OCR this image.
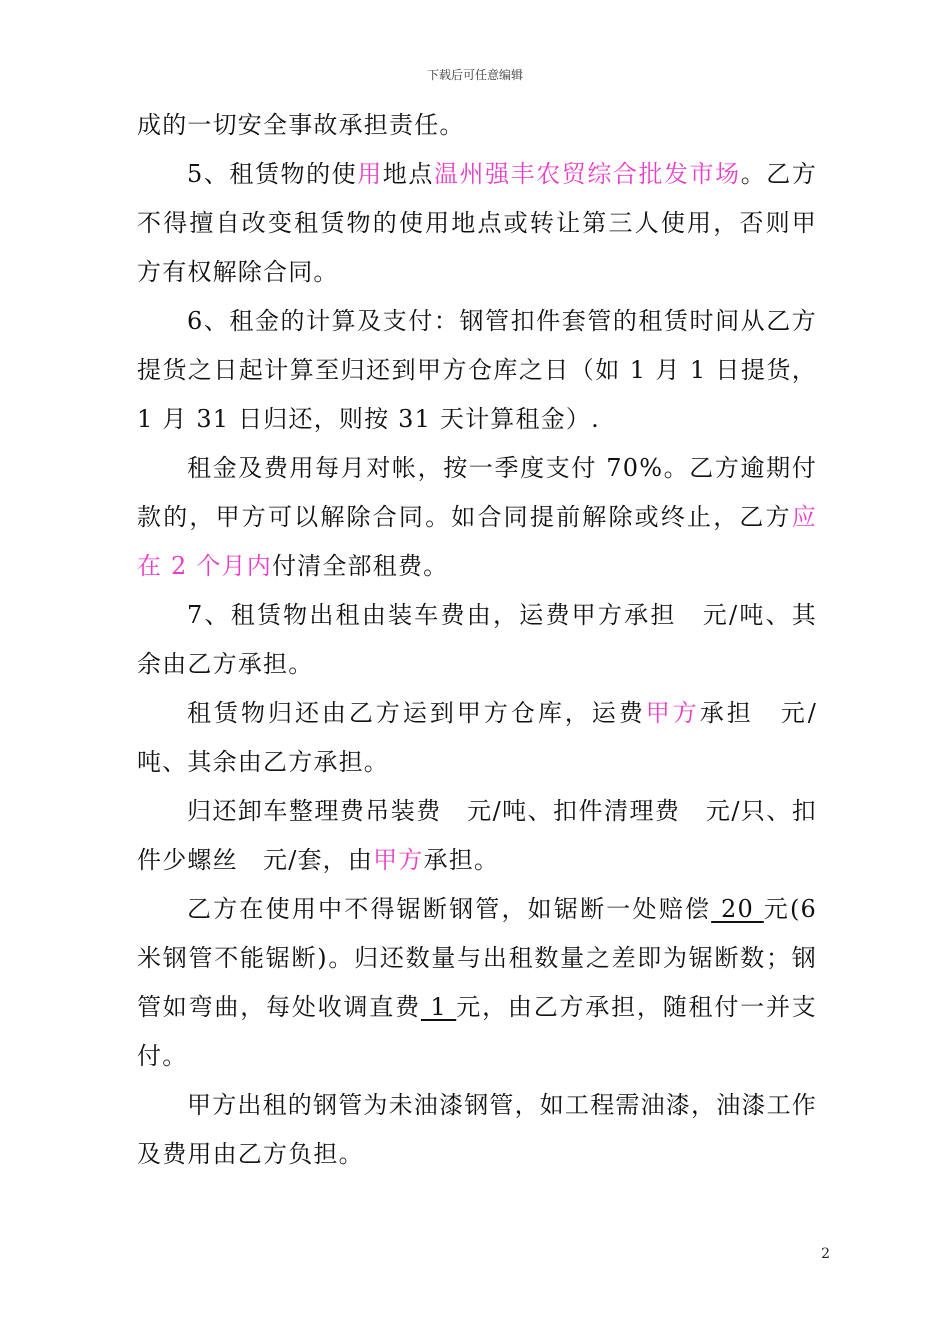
下载后可任意编辑

成的一切安全事故承担责任。

5、租赁物的使用地点温州强丰农贸综合批发市场。乙方不得擅自改变租赁物的使用地点或转让第三人使用，否则甲方有权解除合同。

6、租金的计算及支付：钢管扣件套管的租赁时间从乙方提货之日起计算至归还到甲方仓库之日（如 1 月 1 日提货，1 月 31 日归还，则按 31 天计算租金）.

租金及费用每月对帐，按一季度支付 70%。乙方逾期付款的，甲方可以解除合同。如合同提前解除或终止，乙方应在 2 个月内付清全部租费。

7、租赁物出租由装车费由，运费甲方承担　元/吨、其余由乙方承担。

租赁物归还由乙方运到甲方仓库，运费甲方承担　元/吨、其余由乙方承担。

归还卸车整理费吊装费　元/吨、扣件清理费　元/只、扣件少螺丝　元/套，由甲方承担。

乙方在使用中不得锯断钢管，如锯断一处赔偿 20 元(6 米钢管不能锯断)。归还数量与出租数量之差即为锯断数；钢管如弯曲，每处收调直费 1 元，由乙方承担，随租付一并支付。

甲方出租的钢管为未油漆钢管，如工程需油漆，油漆工作及费用由乙方负担。

2
